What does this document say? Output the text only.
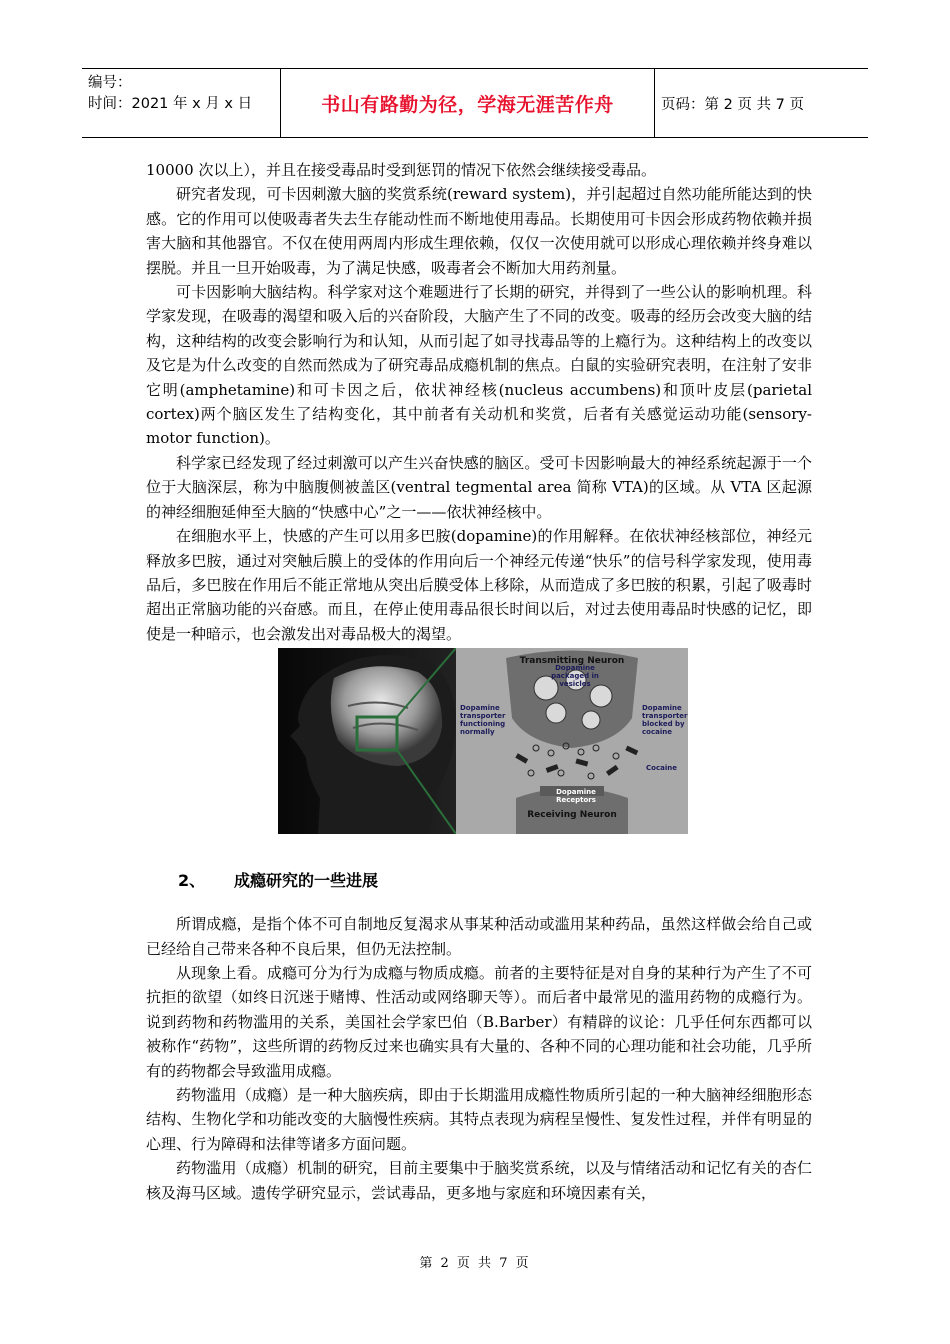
编号：
时间：2021 年 x 月 x 日	书山有路勤为径，学海无涯苦作舟	页码：第 2 页 共 7 页

10000 次以上），并且在接受毒品时受到惩罚的情况下依然会继续接受毒品。

研究者发现，可卡因刺激大脑的奖赏系统(reward system)，并引起超过自然功能所能达到的快感。它的作用可以使吸毒者失去生存能动性而不断地使用毒品。长期使用可卡因会形成药物依赖并损害大脑和其他器官。不仅在使用两周内形成生理依赖，仅仅一次使用就可以形成心理依赖并终身难以摆脱。并且一旦开始吸毒，为了满足快感，吸毒者会不断加大用药剂量。

可卡因影响大脑结构。科学家对这个难题进行了长期的研究，并得到了一些公认的影响机理。科学家发现，在吸毒的渴望和吸入后的兴奋阶段，大脑产生了不同的改变。吸毒的经历会改变大脑的结构，这种结构的改变会影响行为和认知，从而引起了如寻找毒品等的上瘾行为。这种结构上的改变以及它是为什么改变的自然而然成为了研究毒品成瘾机制的焦点。白鼠的实验研究表明，在注射了安非它明(amphetamine)和可卡因之后，依状神经核(nucleus accumbens)和顶叶皮层(parietal cortex)两个脑区发生了结构变化，其中前者有关动机和奖赏，后者有关感觉运动功能(sensory-motor function)。

科学家已经发现了经过刺激可以产生兴奋快感的脑区。受可卡因影响最大的神经系统起源于一个位于大脑深层，称为中脑腹侧被盖区(ventral tegmental area 简称 VTA)的区域。从 VTA 区起源的神经细胞延伸至大脑的“快感中心”之一——依状神经核中。

在细胞水平上，快感的产生可以用多巴胺(dopamine)的作用解释。在依状神经核部位，神经元释放多巴胺，通过对突触后膜上的受体的作用向后一个神经元传递“快乐”的信号科学家发现，使用毒品后，多巴胺在作用后不能正常地从突出后膜受体上移除，从而造成了多巴胺的积累，引起了吸毒时超出正常脑功能的兴奋感。而且，在停止使用毒品很长时间以后，对过去使用毒品时快感的记忆，即使是一种暗示，也会激发出对毒品极大的渴望。

Transmitting Neuron
Dopamine packaged in vesicles
Dopamine transporter functioning normally
Dopamine transporter blocked by cocaine
Cocaine
Dopamine Receptors
Receiving Neuron
2、 成瘾研究的一些进展

所谓成瘾，是指个体不可自制地反复渴求从事某种活动或滥用某种药品，虽然这样做会给自己或已经给自己带来各种不良后果，但仍无法控制。

从现象上看。成瘾可分为行为成瘾与物质成瘾。前者的主要特征是对自身的某种行为产生了不可抗拒的欲望（如终日沉迷于赌博、性活动或网络聊天等）。而后者中最常见的滥用药物的成瘾行为。说到药物和药物滥用的关系，美国社会学家巴伯（B.Barber）有精辟的议论：几乎任何东西都可以被称作“药物”，这些所谓的药物反过来也确实具有大量的、各种不同的心理功能和社会功能，几乎所有的药物都会导致滥用成瘾。

药物滥用（成瘾）是一种大脑疾病，即由于长期滥用成瘾性物质所引起的一种大脑神经细胞形态结构、生物化学和功能改变的大脑慢性疾病。其特点表现为病程呈慢性、复发性过程，并伴有明显的心理、行为障碍和法律等诸多方面问题。

药物滥用（成瘾）机制的研究，目前主要集中于脑奖赏系统，以及与情绪活动和记忆有关的杏仁核及海马区域。遗传学研究显示，尝试毒品，更多地与家庭和环境因素有关，

第 2 页 共 7 页
